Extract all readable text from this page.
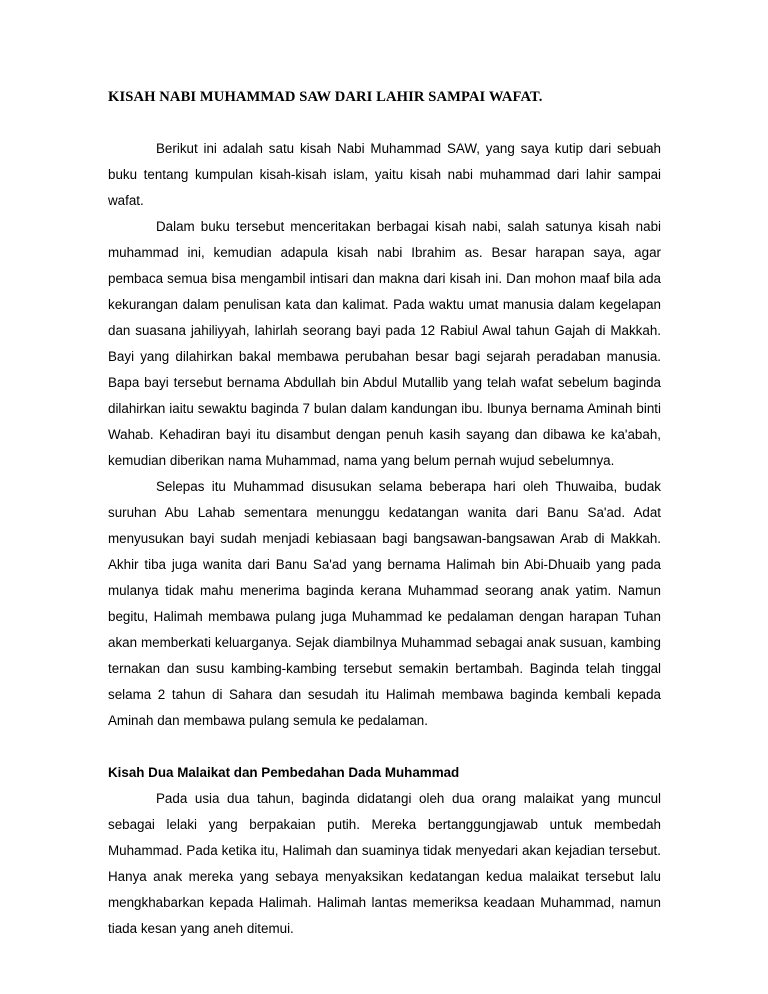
KISAH NABI MUHAMMAD SAW DARI LAHIR SAMPAI WAFAT.

Berikut ini adalah satu kisah Nabi Muhammad SAW, yang saya kutip dari sebuah buku tentang kumpulan kisah-kisah islam, yaitu kisah nabi muhammad dari lahir sampai wafat.

Dalam buku tersebut menceritakan berbagai kisah nabi, salah satunya kisah nabi muhammad ini, kemudian adapula kisah nabi Ibrahim as. Besar harapan saya, agar pembaca semua bisa mengambil intisari dan makna dari kisah ini. Dan mohon maaf bila ada kekurangan dalam penulisan kata dan kalimat. Pada waktu umat manusia dalam kegelapan dan suasana jahiliyyah, lahirlah seorang bayi pada 12 Rabiul Awal tahun Gajah di Makkah. Bayi yang dilahirkan bakal membawa perubahan besar bagi sejarah peradaban manusia. Bapa bayi tersebut bernama Abdullah bin Abdul Mutallib yang telah wafat sebelum baginda dilahirkan iaitu sewaktu baginda 7 bulan dalam kandungan ibu. Ibunya bernama Aminah binti Wahab. Kehadiran bayi itu disambut dengan penuh kasih sayang dan dibawa ke ka'abah, kemudian diberikan nama Muhammad, nama yang belum pernah wujud sebelumnya.

Selepas itu Muhammad disusukan selama beberapa hari oleh Thuwaiba, budak suruhan Abu Lahab sementara menunggu kedatangan wanita dari Banu Sa'ad. Adat menyusukan bayi sudah menjadi kebiasaan bagi bangsawan-bangsawan Arab di Makkah. Akhir tiba juga wanita dari Banu Sa'ad yang bernama Halimah bin Abi-Dhuaib yang pada mulanya tidak mahu menerima baginda kerana Muhammad seorang anak yatim. Namun begitu, Halimah membawa pulang juga Muhammad ke pedalaman dengan harapan Tuhan akan memberkati keluarganya. Sejak diambilnya Muhammad sebagai anak susuan, kambing ternakan dan susu kambing-kambing tersebut semakin bertambah. Baginda telah tinggal selama 2 tahun di Sahara dan sesudah itu Halimah membawa baginda kembali kepada Aminah dan membawa pulang semula ke pedalaman.

Kisah Dua Malaikat dan Pembedahan Dada Muhammad

Pada usia dua tahun, baginda didatangi oleh dua orang malaikat yang muncul sebagai lelaki yang berpakaian putih. Mereka bertanggungjawab untuk membedah Muhammad. Pada ketika itu, Halimah dan suaminya tidak menyedari akan kejadian tersebut. Hanya anak mereka yang sebaya menyaksikan kedatangan kedua malaikat tersebut lalu mengkhabarkan kepada Halimah. Halimah lantas memeriksa keadaan Muhammad, namun tiada kesan yang aneh ditemui.
